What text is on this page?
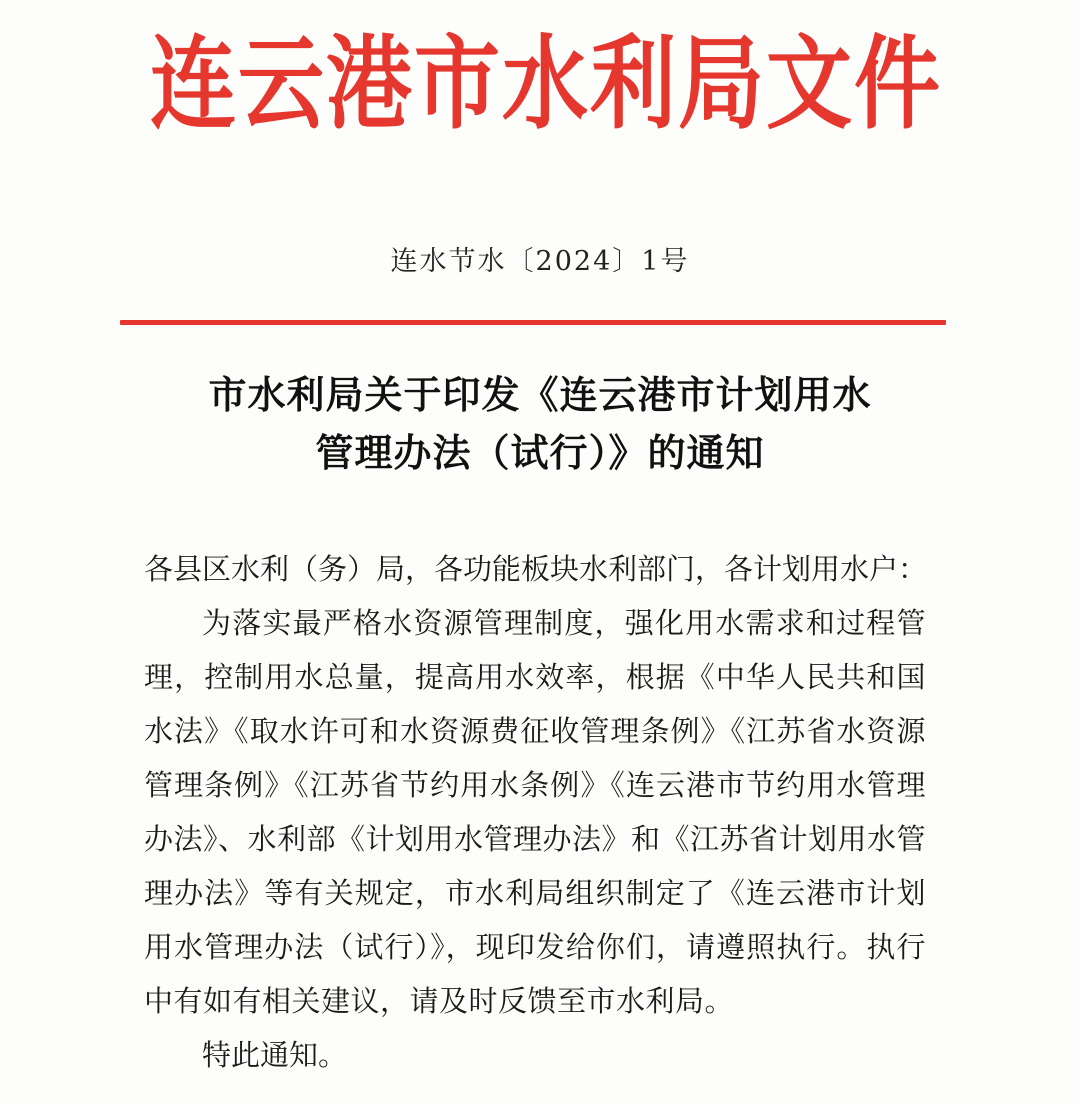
连云港市水利局文件
连水节水〔2024〕1号
市水利局关于印发《连云港市计划用水
管理办法（试行）》的通知

各县区水利（务）局，各功能板块水利部门，各计划用水户：

为落实最严格水资源管理制度，强化用水需求和过程管理，控制用水总量，提高用水效率，根据《中华人民共和国水法》《取水许可和水资源费征收管理条例》《江苏省水资源管理条例》《江苏省节约用水条例》《连云港市节约用水管理办法》、水利部《计划用水管理办法》和《江苏省计划用水管理办法》等有关规定，市水利局组织制定了《连云港市计划用水管理办法（试行）》，现印发给你们，请遵照执行。执行中有如有相关建议，请及时反馈至市水利局。

特此通知。
